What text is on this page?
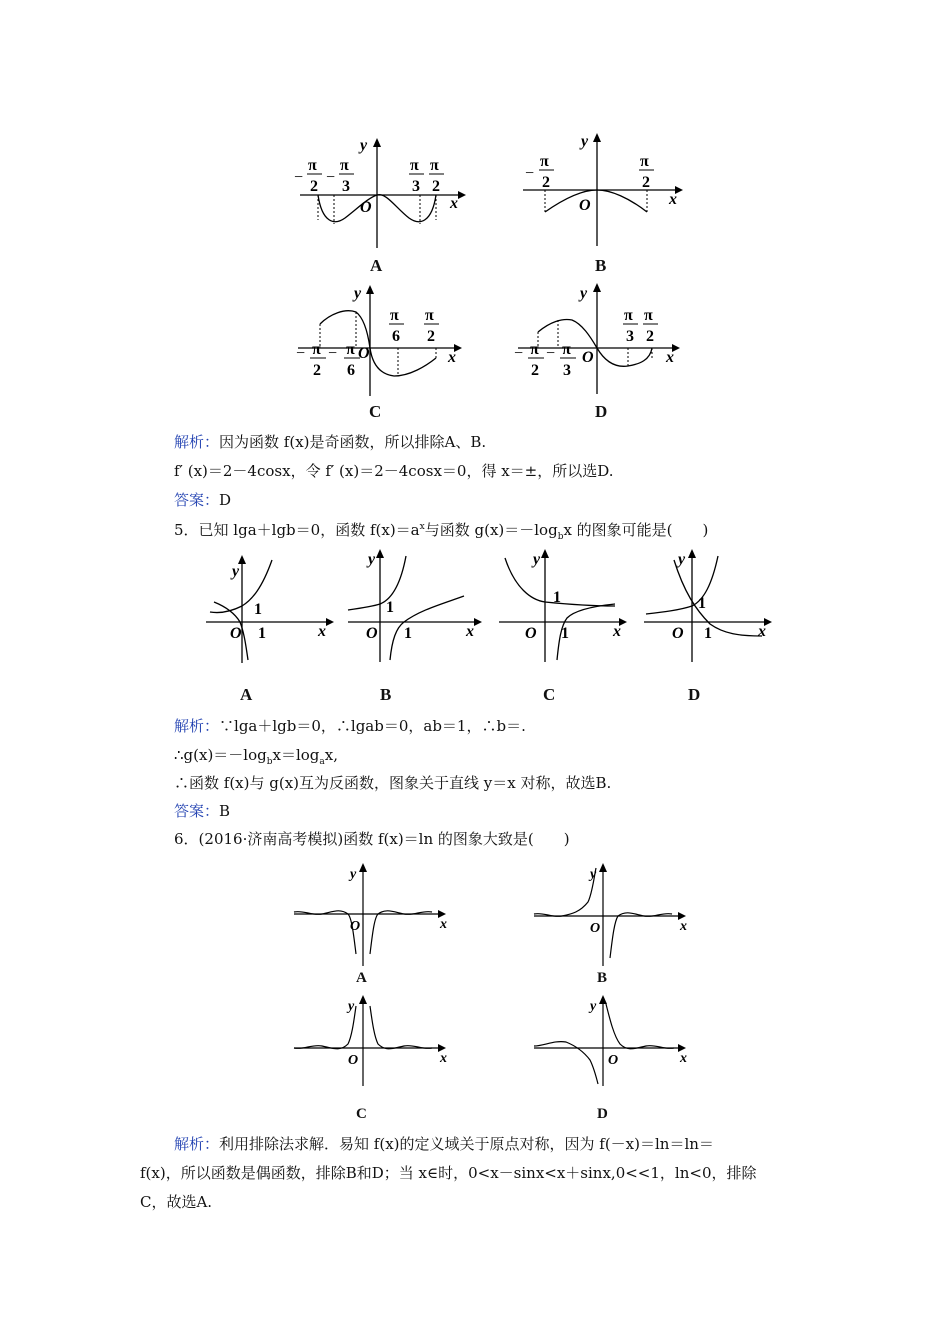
−
π
2
−
π
3
π
3
π
2
y
x
O
A
−
π
2
π
2
y
x
O
B
π
6
π
2
− π
2
− π
6
y
x
O
C
π
3
π
2
− π
2
− π
3
y
x
O
D
解析：因为函数 f(x)是奇函数，所以排除A、B.
f′ (x)＝2－4cosx，令 f′ (x)＝2－4cosx＝0，得 x＝±，所以选D.
答案：D
5．已知 lga＋lgb＝0，函数 $f(x)=a^x$与函数 $g(x)=-\log_bx$ 的图象可能是(　　)
y
x
O 1
1
A
y
x
O 1
1
B
y
x
O 1
1
C
y
x
O 1
1
D
解析：∵lga＋lgb＝0，∴lgab＝0，ab＝1，∴b＝.
$\therefore g(x)=-\log_bx=\log_ax$,
∴函数 f(x)与 g(x)互为反函数，图象关于直线 y＝x 对称，故选B.
答案：B
6．(2016·济南高考模拟)函数 f(x)＝ln 的图象大致是(　　)
y
x
O
A
y
x
O
B
y
x
O
C
y
x
O
D
解析：利用排除法求解．易知 f(x)的定义域关于原点对称，因为 f(－x)＝ln＝ln＝
f(x)，所以函数是偶函数，排除B和D；当 x∈时，0<x－sinx<x＋sinx,0<<1，ln<0，排除
C，故选A.
